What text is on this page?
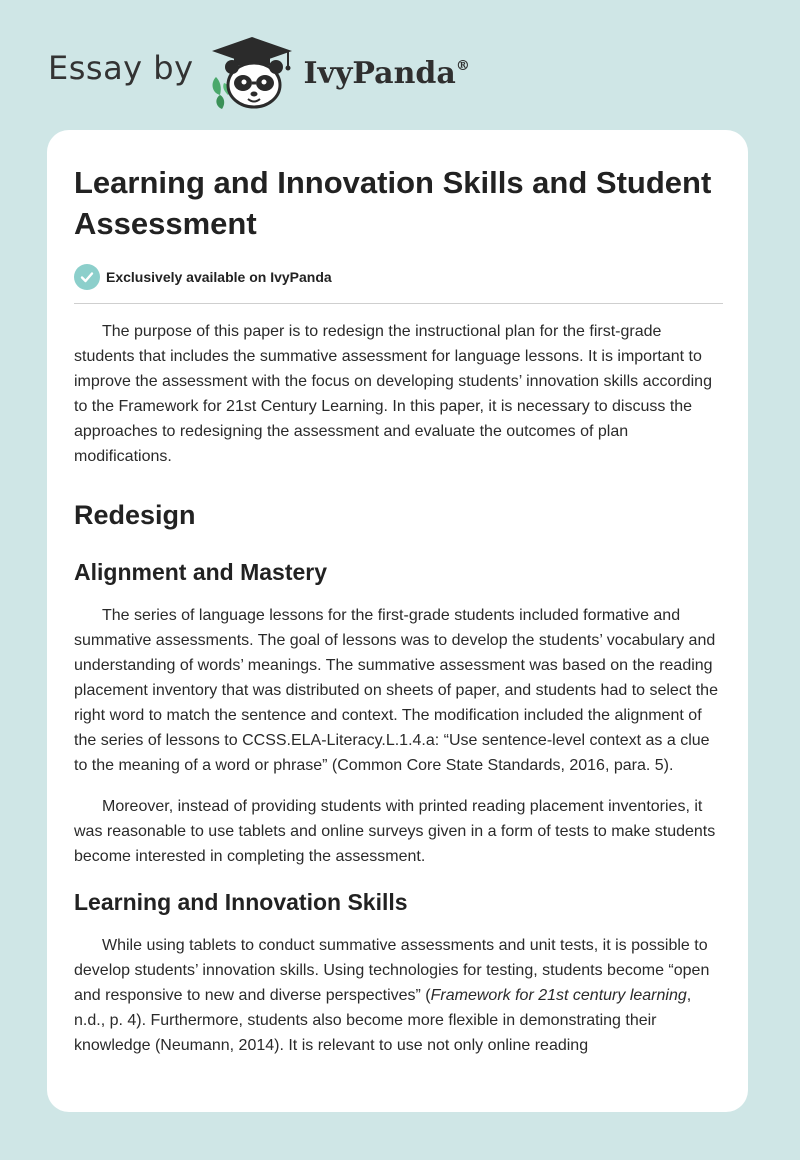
Essay by	IvyPanda®
Learning and Innovation Skills and Student Assessment
Exclusively available on IvyPanda

The purpose of this paper is to redesign the instructional plan for the first-grade students that includes the summative assessment for language lessons. It is important to improve the assessment with the focus on developing students’ innovation skills according to the Framework for 21st Century Learning. In this paper, it is necessary to discuss the approaches to redesigning the assessment and evaluate the outcomes of plan modifications.

Redesign
Alignment and Mastery

The series of language lessons for the first-grade students included formative and summative assessments. The goal of lessons was to develop the students’ vocabulary and understanding of words’ meanings. The summative assessment was based on the reading placement inventory that was distributed on sheets of paper, and students had to select the right word to match the sentence and context. The modification included the alignment of the series of lessons to CCSS.ELA-Literacy.L.1.4.a: “Use sentence-level context as a clue to the meaning of a word or phrase” (Common Core State Standards, 2016, para. 5).

Moreover, instead of providing students with printed reading placement inventories, it was reasonable to use tablets and online surveys given in a form of tests to make students become interested in completing the assessment.

Learning and Innovation Skills

While using tablets to conduct summative assessments and unit tests, it is possible to develop students’ innovation skills. Using technologies for testing, students become “open and responsive to new and diverse perspectives” (Framework for 21st century learning, n.d., p. 4). Furthermore, students also become more flexible in demonstrating their knowledge (Neumann, 2014). It is relevant to use not only online reading
